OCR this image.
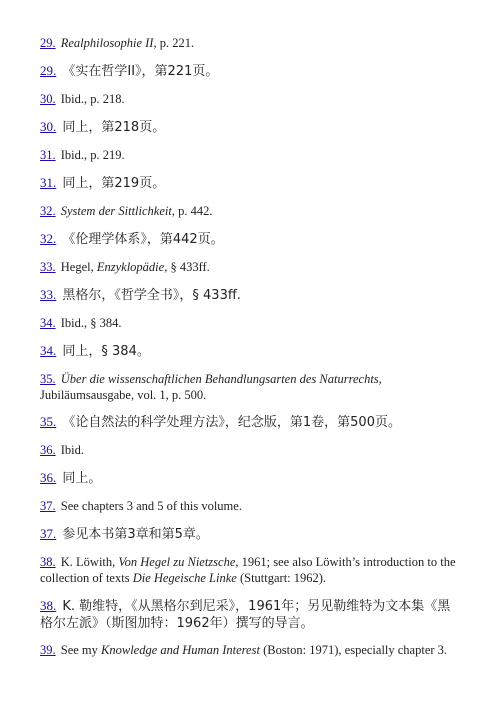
29. Realphilosophie II, p. 221.
29. 《实在哲学II》，第221页。
30. Ibid., p. 218.
30. 同上，第218页。
31. Ibid., p. 219.
31. 同上，第219页。
32. System der Sittlichkeit, p. 442.
32. 《伦理学体系》，第442页。
33. Hegel, Enzyklopädie, § 433ff.
33. 黑格尔，《哲学全书》，§ 433ff.
34. Ibid., § 384.
34. 同上，§ 384。
35. Über die wissenschaftlichen Behandlungsarten des Naturrechts, Jubiläumsausgabe, vol. 1, p. 500.
35. 《论自然法的科学处理方法》，纪念版，第1卷，第500页。
36. Ibid.
36. 同上。
37. See chapters 3 and 5 of this volume.
37. 参见本书第3章和第5章。
38. K. Löwith, Von Hegel zu Nietzsche, 1961; see also Löwith’s introduction to the collection of texts Die Hegeische Linke (Stuttgart: 1962).
38. K. 勒维特，《从黑格尔到尼采》，1961年；另见勒维特为文本集《黑格尔左派》（斯图加特：1962年）撰写的导言。
39. See my Knowledge and Human Interest (Boston: 1971), especially chapter 3.
